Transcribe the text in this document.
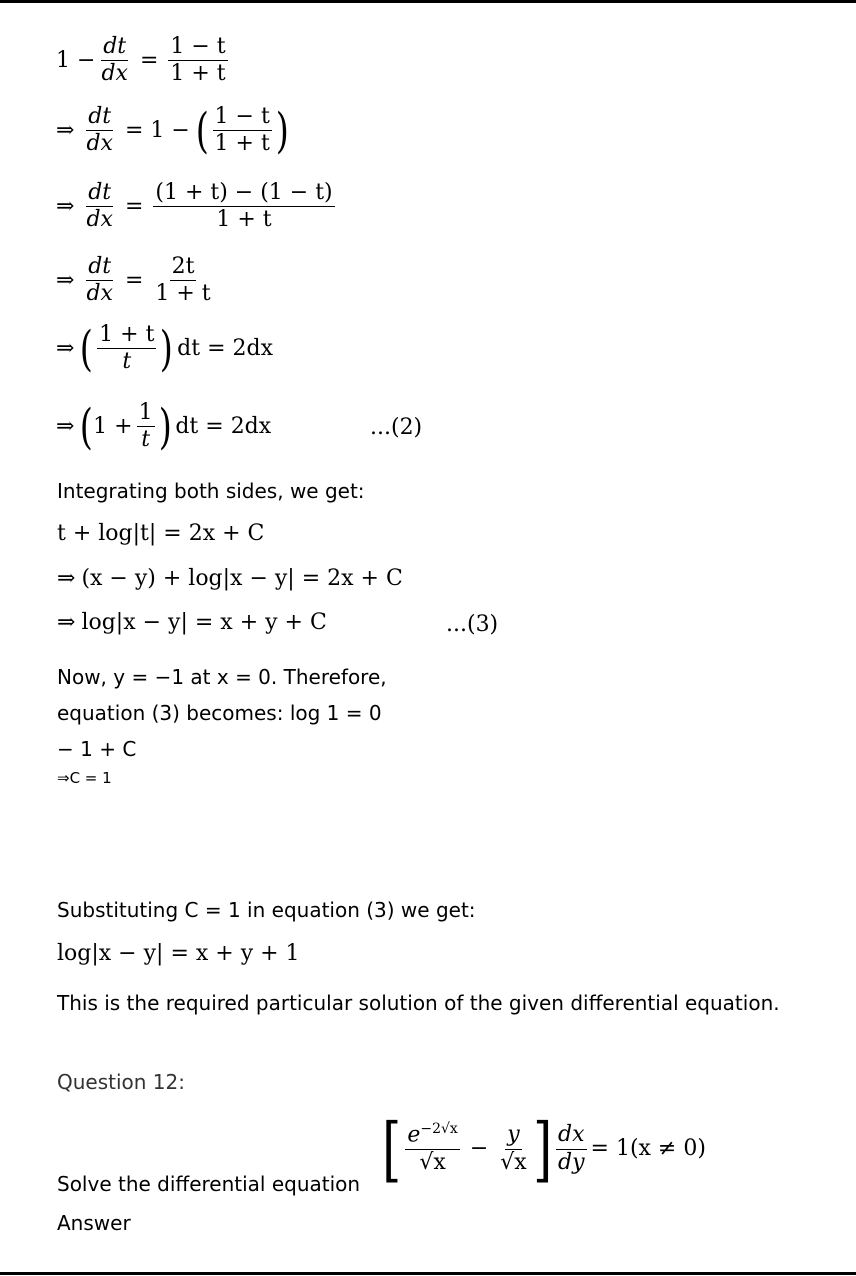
$1 - \frac{dt}{dx} = \frac{1 - t}{1 + t}$
⇒ $\frac{dt}{dx} = 1$ − ( $\frac{1 - t}{1 + t}$ )
⇒ $\frac{dt}{dx} = \frac{(1 + t) - (1 - t)}{1 + t}$
⇒ $\frac{dt}{dx} = \frac{2t}{1 + t}$
⇒ ( $\frac{1 + t}{t}$ ) dt = 2dx
⇒ ( $1 + \frac{1}{t}$ ) dt = 2dx	...(2)
Integrating both sides, we get:
t + log|t| = 2x + C
⇒ (x − y) + log|x − y| = 2x + C
⇒ log|x − y| = x + y + C	...(3)
Now, y = −1 at x = 0. Therefore,
equation (3) becomes: log 1 = 0
− 1 + C
⇒C = 1
Substituting C = 1 in equation (3) we get:
log|x − y| = x + y + 1
This is the required particular solution of the given differential equation.
Question 12:
Solve the differential equation [ $\frac{e^{-2√x}}{√x} - \frac{y}{√x}$ ] $\frac{dx}{dy} = 1(x \ne 0)$
Answer
